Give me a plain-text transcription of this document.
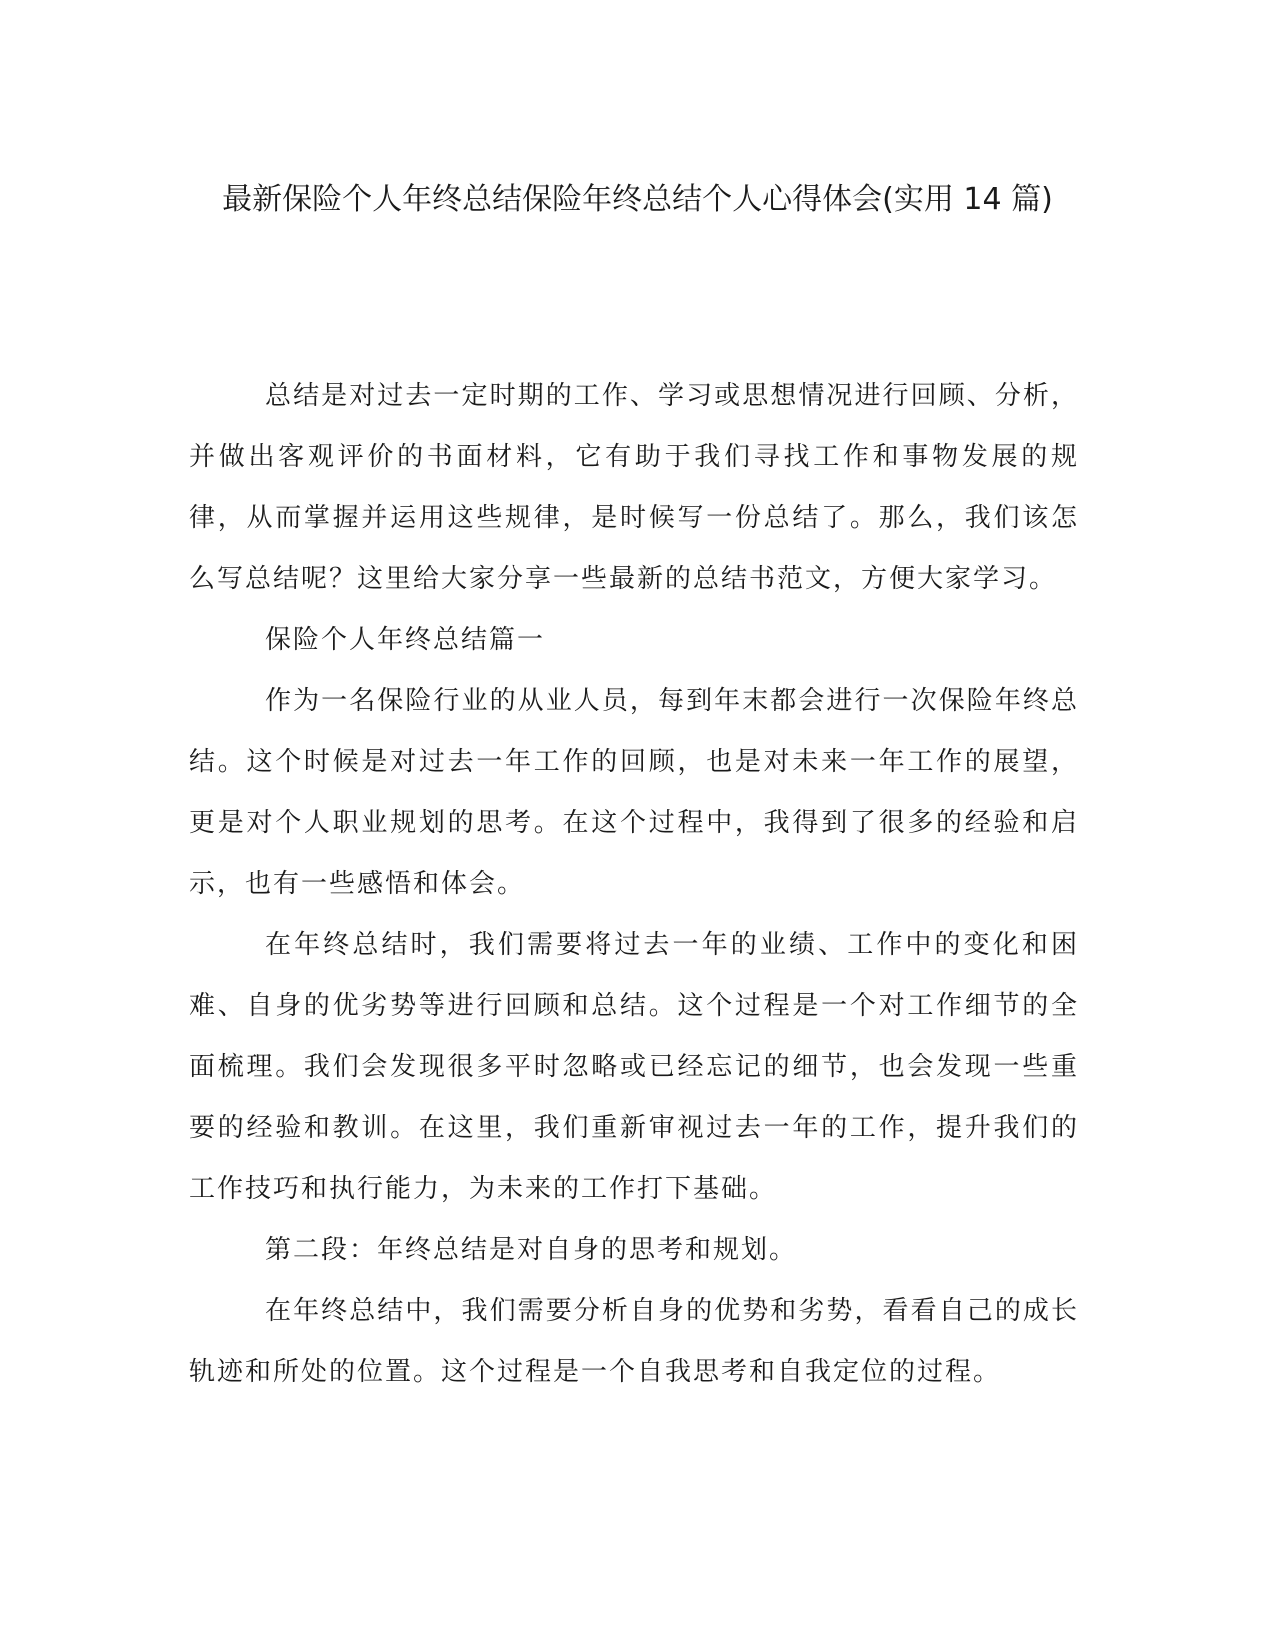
最新保险个人年终总结保险年终总结个人心得体会(实用 14 篇)

总结是对过去一定时期的工作、学习或思想情况进行回顾、分析，并做出客观评价的书面材料，它有助于我们寻找工作和事物发展的规律，从而掌握并运用这些规律，是时候写一份总结了。那么，我们该怎么写总结呢？这里给大家分享一些最新的总结书范文，方便大家学习。

保险个人年终总结篇一

作为一名保险行业的从业人员，每到年末都会进行一次保险年终总结。这个时候是对过去一年工作的回顾，也是对未来一年工作的展望，更是对个人职业规划的思考。在这个过程中，我得到了很多的经验和启示，也有一些感悟和体会。

在年终总结时，我们需要将过去一年的业绩、工作中的变化和困难、自身的优劣势等进行回顾和总结。这个过程是一个对工作细节的全面梳理。我们会发现很多平时忽略或已经忘记的细节，也会发现一些重要的经验和教训。在这里，我们重新审视过去一年的工作，提升我们的工作技巧和执行能力，为未来的工作打下基础。

第二段：年终总结是对自身的思考和规划。

在年终总结中，我们需要分析自身的优势和劣势，看看自己的成长轨迹和所处的位置。这个过程是一个自我思考和自我定位的过程。
